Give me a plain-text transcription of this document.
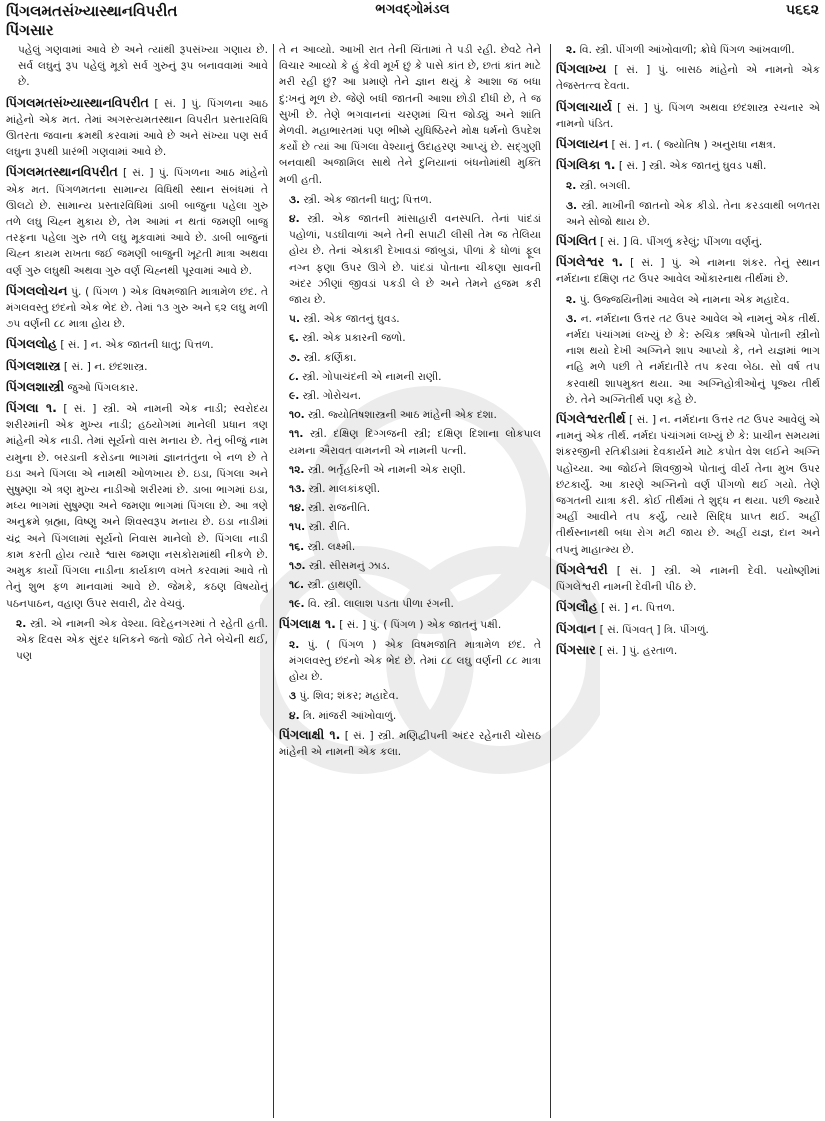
પિંગલમતસંખ્યાસ્થાનવિપરીત
પિંગસાર
ભગવદ્ગોમંડલ	૫૬૬૨

પહેલું ગણવામાં આવે છે અને ત્યાંથી રૂપસંખ્યા ગણાય છે. સર્વ લઘુનું રૂપ પહેલું મૂકો સર્વ ગુરુનું રૂપ બનાવવામાં આવે છે.

પિંગલમતસંખ્યાસ્થાનવિપરીત [ સં. ] પું. પિંગળના આઠ માંહેનો એક મત. તેમાં અગસ્ત્યમતસ્થાન વિપરીત પ્રસ્તારવિધિ ઊતરતા જવાના ક્રમથી કરવામાં આવે છે અને સંખ્યા પણ સર્વ લઘુના રૂપથી પ્રારંભી ગણવામાં આવે છે.
પિંગલમતસ્થાનવિપરીત [ સં. ] પું. પિંગળના આઠ માંહેનો એક મત. પિંગળમતના સામાન્ય વિધિથી સ્થાન સંબંધમાં તે ઊલટો છે. સામાન્ય પ્રસ્તારવિધિમાં ડાબી બાજુના પહેલા ગુરુ તળે લઘુ ચિહ્ન મુકાય છે, તેમ આમાં ન થતાં જમણી બાજુ તરફના પહેલા ગુરુ તળે લઘુ મૂકવામાં આવે છે. ડાબી બાજુનાં ચિહ્ન કાયમ રાખતા જઈ જમણી બાજુની ખૂટતી માત્રા અથવા વર્ણ ગુરુ લઘુથી અથવા ગુરુ વર્ણ ચિહ્નથી પૂરવામાં આવે છે.
પિંગલલોચન પું. ( પિંગળ ) એક વિષમજાતિ માત્રામેળ છંદ. તે મંગલવસ્તુ છંદનો એક ભેદ છે. તેમાં ૧૩ ગુરુ અને ૬૨ લઘુ મળી ૭૫ વર્ણની ૮૮ માત્રા હોય છે.
પિંગલલોહ [ સં. ] ન. એક જાતની ધાતુ; પિત્તળ.
પિંગલશાસ્ત્ર [ સં. ] ન. છંદશાસ્ત્ર.
પિંગલશાસ્ત્રી જુઓ પિંગલકાર.
પિંગલા ૧. [ સં. ] સ્ત્રી. એ નામની એક નાડી; સ્વરોદય શરીરમાંની એક મુખ્ય નાડી; હઠયોગમાં માનેલી પ્રધાન ત્રણ માંહેની એક નાડી. તેમાં સૂર્યનો વાસ મનાય છે. તેનું બીજું નામ યમુના છે. બરડાની કરોડના ભાગમાં જ્ઞાનતંતુના બે નળ છે તે ઇડા અને પિંગલા એ નામથી ઓળખાય છે. ઇડા, પિંગલા અને સુષુમ્ણા એ ત્રણ મુખ્ય નાડીઓ શરીરમાં છે. ડાબા ભાગમાં ઇડા, મધ્ય ભાગમાં સુષુમ્ણા અને જમણા ભાગમાં પિંગલા છે. આ ત્રણે અનુક્રમે બ્રહ્મા, વિષ્ણુ અને શિવસ્વરૂપ મનાય છે. ઇડા નાડીમાં ચંદ્ર અને પિંગલામાં સૂર્યનો નિવાસ માનેલો છે. પિંગલા નાડી કામ કરતી હોય ત્યારે શ્વાસ જમણા નસકોરામાંથી નીકળે છે. અમુક કાર્યો પિંગલા નાડીના કાર્યકાળ વખતે કરવામાં આવે તો તેનું શુભ ફળ માનવામાં આવે છે. જેમકે, કઠણ વિષયોનું પઠનપાઠન, વહાણ ઉપર સવારી, ઢોર વેચવું.
૨. સ્ત્રી. એ નામની એક વેશ્યા. વિદેહનગરમાં તે રહેતી હતી. એક દિવસ એક સુંદર ધનિકને જતો જોઈ તેને બેચેની થઈ, પણ

તે ન આવ્યો. આખી રાત તેની ચિંતામાં તે પડી રહી. છેવટે તેને વિચાર આવ્યો કે હું કેવી મૂર્ખ છું કે પાસે કાંત છે, છતાં કાંત માટે મરી રહી છું? આ પ્રમાણે તેને જ્ઞાન થયું કે આશા જ બધા દુ:ખનું મૂળ છે. જેણે બધી જાતની આશા છોડી દીધી છે, તે જ સુખી છે. તેણે ભગવાનનાં ચરણમાં ચિત્ત જોડ્યું અને શાંતિ મેળવી. મહાભારતમાં પણ ભીષ્મે યુધિષ્ઠિરને મોક્ષ ધર્મનો ઉપદેશ કર્યો છે ત્યાં આ પિંગલા વેશ્યાનું ઉદાહરણ આપ્યું છે. સદ્ગુણી બનવાથી અજામિલ સાથે તેને દુનિયાનાં બંધનોમાંથી મુક્તિ મળી હતી.

૩. સ્ત્રી. એક જાતની ધાતુ; પિત્તળ.
૪. સ્ત્રી. એક જાતની માંસાહારી વનસ્પતિ. તેનાં પાંદડાં પહોળાં, પડઘીવાળાં અને તેની સપાટી લીસી તેમ જ તેલિયા હોય છે. તેનાં એકાકી દેખાવડાં જાંબુડાં, પીળાં કે ધોળાં ફૂલ નગ્ન ફણા ઉપર ઊગે છે. પાંદડાં પોતાના ચીકણા સ્રાવની અંદર ઝીણાં જીવડાં પકડી લે છે અને તેમને હજમ કરી જાય છે.
૫. સ્ત્રી. એક જાતનું ઘુવડ.
૬. સ્ત્રી. એક પ્રકારની જળો.
૭. સ્ત્રી. કર્ણિકા.
૮. સ્ત્રી. ગોપાચંદની એ નામની રાણી.
૯. સ્ત્રી. ગોરોચન.
૧૦. સ્ત્રી. જ્યોતિષશાસ્ત્રની આઠ માંહેની એક દશા.
૧૧. સ્ત્રી. દક્ષિણ દિગ્ગજની સ્ત્રી; દક્ષિણ દિશાના લોકપાલ યમના ઐરાવત વામનની એ નામની પત્ની.
૧૨. સ્ત્રી. ભર્તૃહરિની એ નામની એક રાણી.
૧૩. સ્ત્રી. માલકાંકણી.
૧૪. સ્ત્રી. રાજનીતિ.
૧૫. સ્ત્રી. રીતિ.
૧૬. સ્ત્રી. લક્ષ્મી.
૧૭. સ્ત્રી. સીસમનું ઝાડ.
૧૮. સ્ત્રી. હાથણી.
૧૯. વિ. સ્ત્રી. લાલાશ પડતા પીળા રંગની.
પિંગલાક્ષ ૧. [ સં. ] પું. ( પિંગળ ) એક જાતનું પક્ષી.
૨. પું. ( પિંગળ ) એક વિષમજાતિ માત્રામેળ છંદ. તે મંગલવસ્તુ છંદનો એક ભેદ છે. તેમાં ૮૮ લઘુ વર્ણની ૮૮ માત્રા હોય છે.
૩ પું. શિવ; શંકર; મહાદેવ.
૪. ત્રિ. માંજરી આંખોવાળું.
પિંગલાક્ષી ૧. [ સં. ] સ્ત્રી. મણિદ્વીપની અંદર રહેનારી ચોસઠ માંહેની એ નામની એક કલા.
૨. વિ. સ્ત્રી. પીંગળી આંખોવાળી; ક્રોધે પિંગળ આંખવાળી.
પિંગલાખ્ય [ સં. ] પું. બાસઠ માંહેનો એ નામનો એક તેજસ્તત્ત્વ દેવતા.
પિંગલાચાર્ય [ સં. ] પું. પિંગળ અથવા છંદશાસ્ત્ર રચનાર એ નામનો પંડિત.
પિંગલાયન [ સં. ] ન. ( જ્યોતિષ ) અનુરાધા નક્ષત્ર.
પિંગલિકા ૧. [ સં. ] સ્ત્રી. એક જાતનું ઘુવડ પક્ષી.
૨. સ્ત્રી. બગલી.
૩. સ્ત્રી. માખીની જાતનો એક કીડો. તેના કરડવાથી બળતરા અને સોજો થાય છે.
પિંગલિત [ સં. ] વિ. પીંગળું કરેલું; પીંગળા વર્ણનું.
પિંગલેશ્વર ૧. [ સં. ] પું. એ નામના શંકર. તેનું સ્થાન નર્મદાના દક્ષિણ તટ ઉપર આવેલ ઓંકારનાથ તીર્થમાં છે.
૨. પું. ઉજ્જયિનીમાં આવેલ એ નામના એક મહાદેવ.
૩. ન. નર્મદાના ઉત્તર તટ ઉપર આવેલ એ નામનું એક તીર્થ. નર્મદા પંચાંગમાં લખ્યું છે કે: રુચિક ઋષિએ પોતાની સ્ત્રીનો નાશ થયો દેખી અગ્નિને શાપ આપ્યો કે, તને યજ્ઞમાં ભાગ નહિ મળે પછી તે નર્મદાતીરે તપ કરવા બેઠા. સો વર્ષ તપ કરવાથી શાપમુક્ત થયા. આ અગ્નિહોત્રીઓનું પૂજ્ય તીર્થ છે. તેને અગ્નિતીર્થ પણ કહે છે.
પિંગલેશ્વરતીર્થ [ સં. ] ન. નર્મદાના ઉત્તર તટ ઉપર આવેલું એ નામનું એક તીર્થ. નર્મદા પંચાંગમાં લખ્યું છે કે: પ્રાચીન સમયમાં શંકરજીની રતિક્રીડામાં દેવકાર્યને માટે કપોત વેશ લઈને અગ્નિ પહોંચ્યા. આ જોઈને શિવજીએ પોતાનું વીર્ય તેના મુખ ઉપર છંટકાર્યું. આ કારણે અગ્નિનો વર્ણ પીંગળો થઈ ગયો. તેણે જગતની યાત્રા કરી. કોઈ તીર્થમાં તે શુદ્ધ ન થયા. પછી જ્યારે અહીં આવીને તપ કર્યું, ત્યારે સિદ્ધિ પ્રાપ્ત થઈ. અહીં તીર્થસ્નાનથી બધા રોગ મટી જાય છે. અહીં યજ્ઞ, દાન અને તપનું માહાત્મ્ય છે.
પિંગલેશ્વરી [ સં. ] સ્ત્રી. એ નામની દેવી. પયોષ્ણીમાં પિંગલેશ્વરી નામની દેવીની પીઠ છે.
પિંગલૌહ [ સં. ] ન. પિત્તળ.
પિંગવાન [ સં. પિંગવત્ ] ત્રિ. પીંગળું.
પિંગસાર [ સં. ] પું. હરતાળ.
